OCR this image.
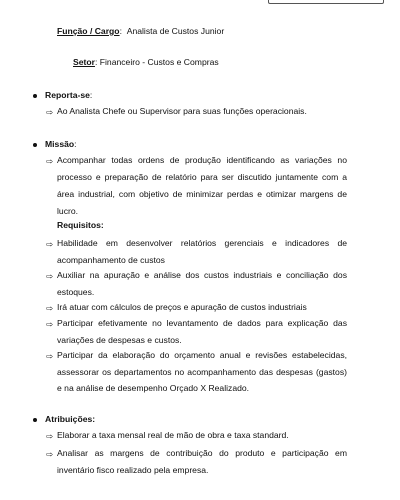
Função / Cargo:  Analista de Custos Junior
Setor: Financeiro - Custos e Compras
Reporta-se:
⇨ Ao Analista Chefe ou Supervisor para suas funções operacionais.
Missão:
⇨ Acompanhar todas ordens de produção identificando as variações no processo e preparação de relatório para ser discutido juntamente com a área industrial, com objetivo de minimizar perdas e otimizar margens de lucro.
Requisitos:
⇨ Habilidade em desenvolver relatórios gerenciais e indicadores de acompanhamento de custos
⇨ Auxiliar na apuração e análise dos custos industriais e conciliação dos estoques.
⇨ Irá atuar com cálculos de preços e apuração de custos industriais
⇨ Participar efetivamente no levantamento de dados para explicação das variações de despesas e custos.
⇨ Participar da elaboração do orçamento anual e revisões estabelecidas, assessorar os departamentos no acompanhamento das despesas (gastos) e na análise de desempenho Orçado X Realizado.
Atribuições:
⇨ Elaborar a taxa mensal real de mão de obra e taxa standard.
⇨ Analisar as margens de contribuição do produto e participação em inventário fisco realizado pela empresa.
